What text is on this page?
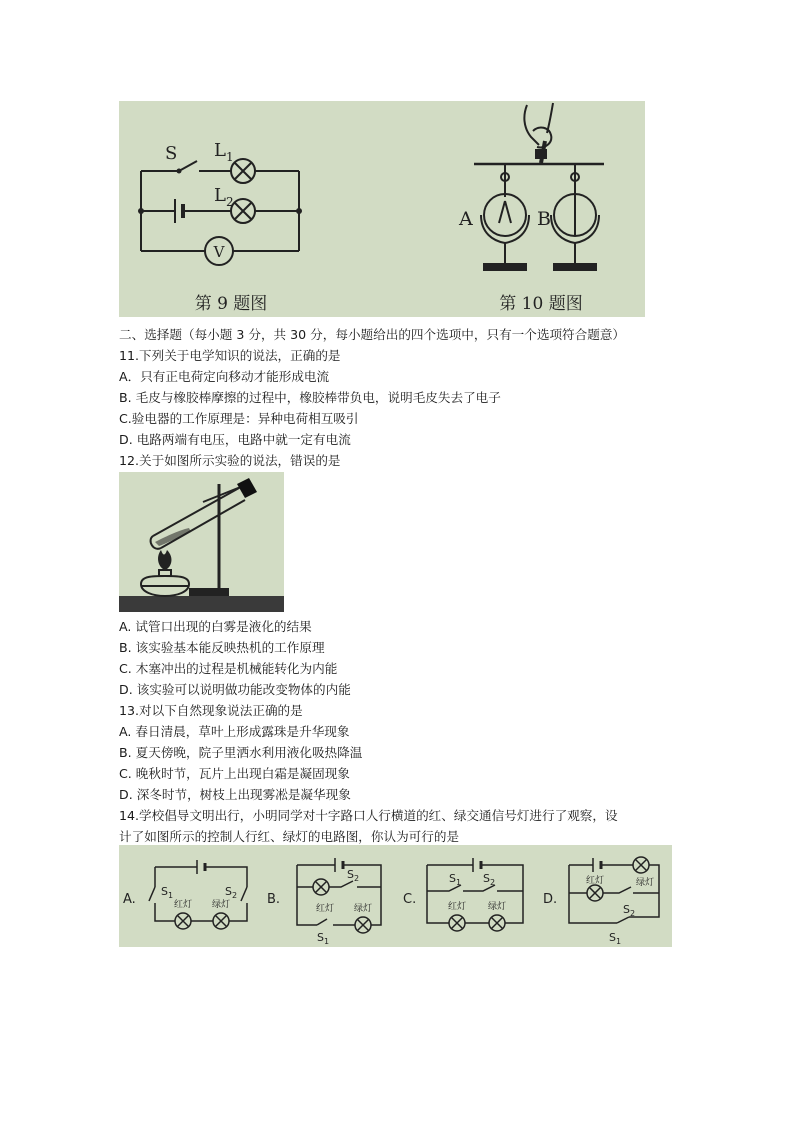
V
S $L_1$
$L_2$
第 9 题图
A	B
第 10 题图
二、选择题（每小题 3 分，共 30 分，每小题给出的四个选项中，只有一个选项符合题意）
11.下列关于电学知识的说法，正确的是
A．只有正电荷定向移动才能形成电流
B. 毛皮与橡胶棒摩擦的过程中，橡胶棒带负电，说明毛皮失去了电子
C.验电器的工作原理是：异种电荷相互吸引
D. 电路两端有电压，电路中就一定有电流
12.关于如图所示实验的说法，错误的是
A. 试管口出现的白雾是液化的结果
B. 该实验基本能反映热机的工作原理
C. 木塞冲出的过程是机械能转化为内能
D. 该实验可以说明做功能改变物体的内能
13.对以下自然现象说法正确的是
A. 春日清晨，草叶上形成露珠是升华现象
B. 夏天傍晚，院子里洒水利用液化吸热降温
C. 晚秋时节，瓦片上出现白霜是凝固现象
D. 深冬时节，树枝上出现雾凇是凝华现象
14.学校倡导文明出行，小明同学对十字路口人行横道的红、绿交通信号灯进行了观察，设
计了如图所示的控制人行红、绿灯的电路图，你认为可行的是
A.
$S_1$	$S_2$
红灯 绿灯	B.
$S_2$
$S_1$
红灯 绿灯
C.
$S_1$ $S_2$
红灯 绿灯	D.
$S_2$
$S_1$
红灯	绿灯
